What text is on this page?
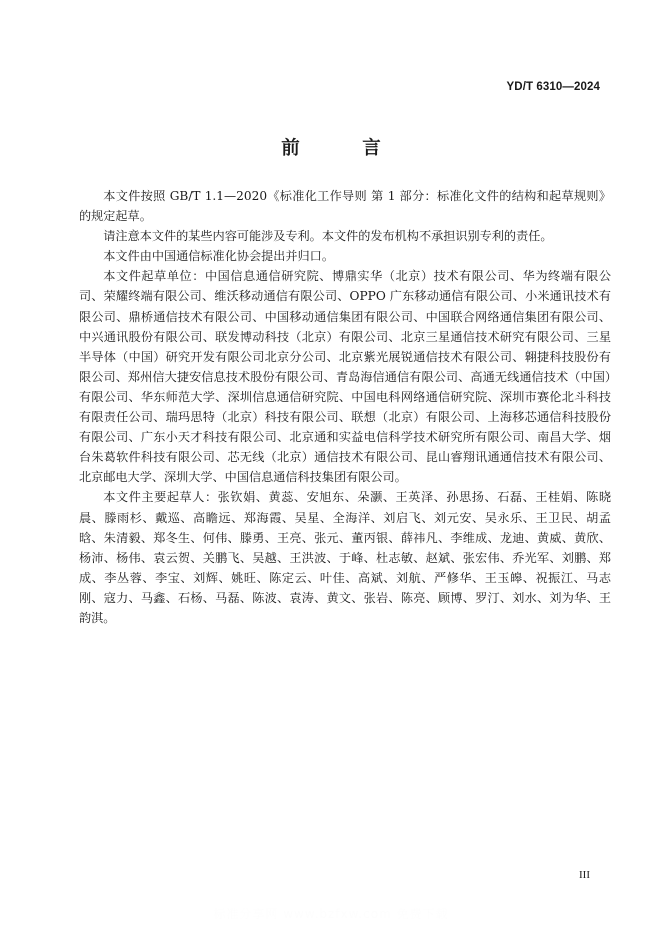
YD/T 6310—2024
前 言

本文件按照 GB/T 1.1—2020《标准化工作导则 第 1 部分：标准化文件的结构和起草规则》的规定起草。

请注意本文件的某些内容可能涉及专利。本文件的发布机构不承担识别专利的责任。

本文件由中国通信标准化协会提出并归口。

本文件起草单位：中国信息通信研究院、博鼎实华（北京）技术有限公司、华为终端有限公司、荣耀终端有限公司、维沃移动通信有限公司、OPPO 广东移动通信有限公司、小米通讯技术有限公司、鼎桥通信技术有限公司、中国移动通信集团有限公司、中国联合网络通信集团有限公司、中兴通讯股份有限公司、联发博动科技（北京）有限公司、北京三星通信技术研究有限公司、三星半导体（中国）研究开发有限公司北京分公司、北京紫光展锐通信技术有限公司、翱捷科技股份有限公司、郑州信大捷安信息技术股份有限公司、青岛海信通信有限公司、高通无线通信技术（中国）有限公司、华东师范大学、深圳信息通信研究院、中国电科网络通信研究院、深圳市赛伦北斗科技有限责任公司、瑞玛思特（北京）科技有限公司、联想（北京）有限公司、上海移芯通信科技股份有限公司、广东小天才科技有限公司、北京通和实益电信科学技术研究所有限公司、南昌大学、烟台朱葛软件科技有限公司、芯无线（北京）通信技术有限公司、昆山睿翔讯通通信技术有限公司、北京邮电大学、深圳大学、中国信息通信科技集团有限公司。

本文件主要起草人：张钦娟、黄蕊、安旭东、朵灏、王英泽、孙思扬、石磊、王桂娟、陈晓晨、滕雨杉、戴巡、高瞻远、郑海霞、吴星、全海洋、刘启飞、刘元安、吴永乐、王卫民、胡孟晗、朱清毅、郑冬生、何伟、滕勇、王亮、张元、董丙银、薛祎凡、李维成、龙迪、黄威、黄欣、杨沛、杨伟、袁云贺、关鹏飞、吴越、王洪波、于峰、杜志敏、赵斌、张宏伟、乔光军、刘鹏、郑成、李丛蓉、李宝、刘辉、姚旺、陈定云、叶佳、高斌、刘航、严修华、王玉皞、祝振江、马志刚、寇力、马鑫、石杨、马磊、陈波、袁涛、黄文、张岩、陈亮、顾博、罗汀、刘水、刘为华、王韵淇。

III
标准分享网 www.bzfxw.com 免费下载
